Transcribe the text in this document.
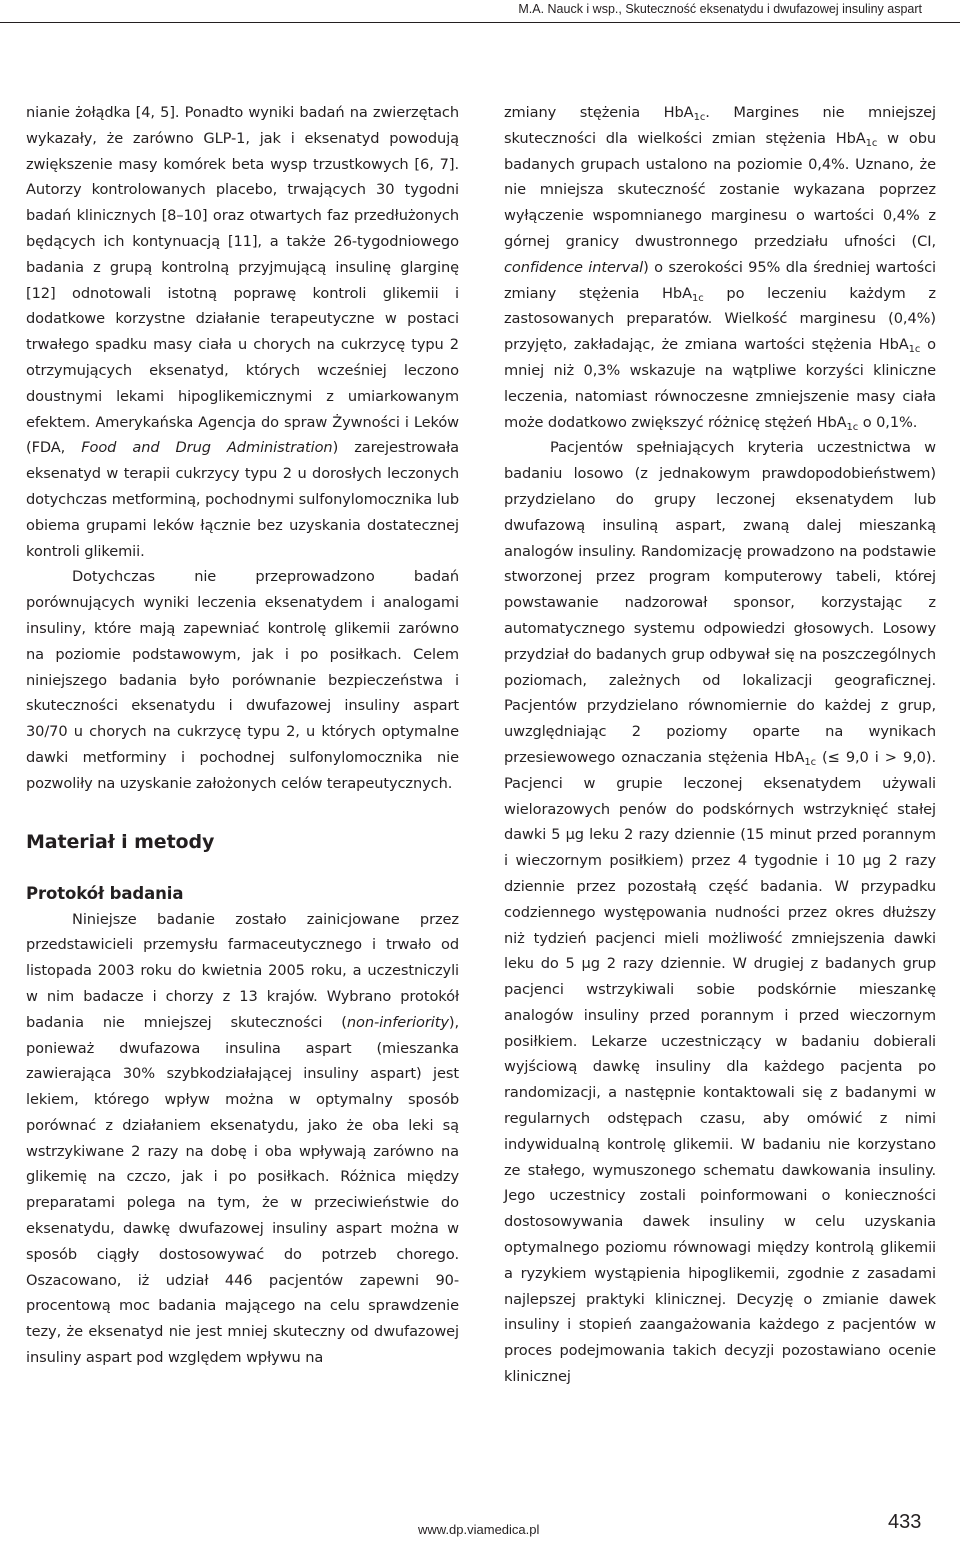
M.A. Nauck i wsp., Skuteczność eksenatydu i dwufazowej insuliny aspart

nianie żołądka [4, 5]. Ponadto wyniki badań na zwierzętach wykazały, że zarówno GLP-1, jak i eksenatyd powodują zwiększenie masy komórek beta wysp trzustkowych [6, 7]. Autorzy kontrolowanych placebo, trwających 30 tygodni badań klinicznych [8–10] oraz otwartych faz przedłużonych będących ich kontynuacją [11], a także 26-tygodniowego badania z grupą kontrolną przyjmującą insulinę glarginę [12] odnotowali istotną poprawę kontroli glikemii i dodatkowe korzystne działanie terapeutyczne w postaci trwałego spadku masy ciała u chorych na cukrzycę typu 2 otrzymujących eksenatyd, których wcześniej leczono doustnymi lekami hipoglikemicznymi z umiarkowanym efektem. Amerykańska Agencja do spraw Żywności i Leków (FDA, Food and Drug Administration) zarejestrowała eksenatyd w terapii cukrzycy typu 2 u dorosłych leczonych dotychczas metforminą, pochodnymi sulfonylomocznika lub obiema grupami leków łącznie bez uzyskania dostatecznej kontroli glikemii.

Dotychczas nie przeprowadzono badań porównujących wyniki leczenia eksenatydem i analogami insuliny, które mają zapewniać kontrolę glikemii zarówno na poziomie podstawowym, jak i po posiłkach. Celem niniejszego badania było porównanie bezpieczeństwa i skuteczności eksenatydu i dwufazowej insuliny aspart 30/70 u chorych na cukrzycę typu 2, u których optymalne dawki metforminy i pochodnej sulfonylomocznika nie pozwoliły na uzyskanie założonych celów terapeutycznych.

Materiał i metody
Protokół badania

Niniejsze badanie zostało zainicjowane przez przedstawicieli przemysłu farmaceutycznego i trwało od listopada 2003 roku do kwietnia 2005 roku, a uczestniczyli w nim badacze i chorzy z 13 krajów. Wybrano protokół badania nie mniejszej skuteczności (non-inferiority), ponieważ dwufazowa insulina aspart (mieszanka zawierająca 30% szybkodziałającej insuliny aspart) jest lekiem, którego wpływ można w optymalny sposób porównać z działaniem eksenatydu, jako że oba leki są wstrzykiwane 2 razy na dobę i oba wpływają zarówno na glikemię na czczo, jak i po posiłkach. Różnica między preparatami polega na tym, że w przeciwieństwie do eksenatydu, dawkę dwufazowej insuliny aspart można w sposób ciągły dostosowywać do potrzeb chorego. Oszacowano, iż udział 446 pacjentów zapewni 90-procentową moc badania mającego na celu sprawdzenie tezy, że eksenatyd nie jest mniej skuteczny od dwufazowej insuliny aspart pod względem wpływu na

zmiany stężenia HbA$_{1c}$. Margines nie mniejszej skuteczności dla wielkości zmian stężenia HbA$_{1c}$ w obu badanych grupach ustalono na poziomie 0,4%. Uznano, że nie mniejsza skuteczność zostanie wykazana poprzez wyłączenie wspomnianego marginesu o wartości 0,4% z górnej granicy dwustronnego przedziału ufności (CI, confidence interval) o szerokości 95% dla średniej wartości zmiany stężenia HbA$_{1c}$ po leczeniu każdym z zastosowanych preparatów. Wielkość marginesu (0,4%) przyjęto, zakładając, że zmiana wartości stężenia HbA$_{1c}$ o mniej niż 0,3% wskazuje na wątpliwe korzyści kliniczne leczenia, natomiast równoczesne zmniejszenie masy ciała może dodatkowo zwiększyć różnicę stężeń HbA$_{1c}$ o 0,1%.

Pacjentów spełniających kryteria uczestnictwa w badaniu losowo (z jednakowym prawdopodobieństwem) przydzielano do grupy leczonej eksenatydem lub dwufazową insuliną aspart, zwaną dalej mieszanką analogów insuliny. Randomizację prowadzono na podstawie stworzonej przez program komputerowy tabeli, której powstawanie nadzorował sponsor, korzystając z automatycznego systemu odpowiedzi głosowych. Losowy przydział do badanych grup odbywał się na poszczególnych poziomach, zależnych od lokalizacji geograficznej. Pacjentów przydzielano równomiernie do każdej z grup, uwzględniając 2 poziomy oparte na wynikach przesiewowego oznaczania stężenia HbA$_{1c}$ (≤ 9,0 i > 9,0). Pacjenci w grupie leczonej eksenatydem używali wielorazowych penów do podskórnych wstrzyknięć stałej dawki 5 μg leku 2 razy dziennie (15 minut przed porannym i wieczornym posiłkiem) przez 4 tygodnie i 10 μg 2 razy dziennie przez pozostałą część badania. W przypadku codziennego występowania nudności przez okres dłuższy niż tydzień pacjenci mieli możliwość zmniejszenia dawki leku do 5 μg 2 razy dziennie. W drugiej z badanych grup pacjenci wstrzykiwali sobie podskórnie mieszankę analogów insuliny przed porannym i przed wieczornym posiłkiem. Lekarze uczestniczący w badaniu dobierali wyjściową dawkę insuliny dla każdego pacjenta po randomizacji, a następnie kontaktowali się z badanymi w regularnych odstępach czasu, aby omówić z nimi indywidualną kontrolę glikemii. W badaniu nie korzystano ze stałego, wymuszonego schematu dawkowania insuliny. Jego uczestnicy zostali poinformowani o konieczności dostosowywania dawek insuliny w celu uzyskania optymalnego poziomu równowagi między kontrolą glikemii a ryzykiem wystąpienia hipoglikemii, zgodnie z zasadami najlepszej praktyki klinicznej. Decyzję o zmianie dawek insuliny i stopień zaangażowania każdego z pacjentów w proces podejmowania takich decyzji pozostawiano ocenie klinicznej

www.dp.viamedica.pl	433
